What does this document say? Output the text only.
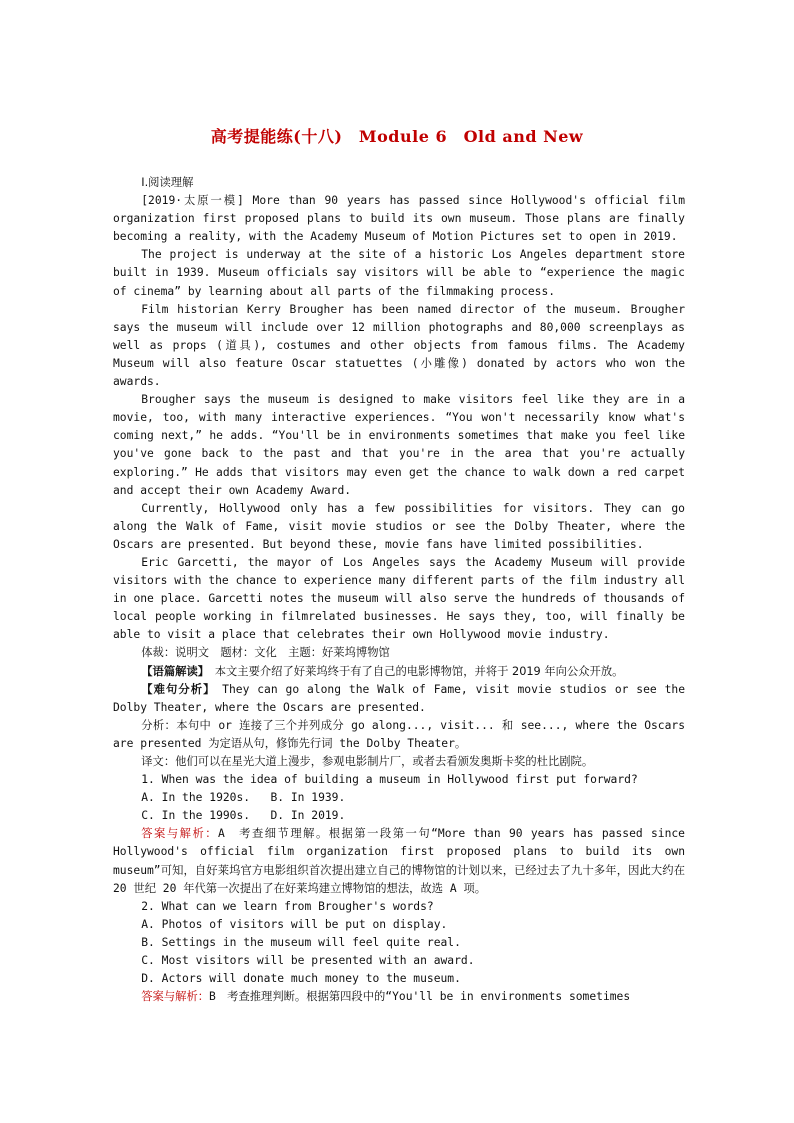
高考提能练(十八)　Module 6　Old and New

Ⅰ.阅读理解

[2019·太原一模] More than 90 years has passed since Hollywood's official film organization first proposed plans to build its own museum. Those plans are finally becoming a reality, with the Academy Museum of Motion Pictures set to open in 2019.

The project is underway at the site of a historic Los Angeles department store built in 1939. Museum officials say visitors will be able to “experience the magic of cinema” by learning about all parts of the filmmaking process.

Film historian Kerry Brougher has been named director of the museum. Brougher says the museum will include over 12 million photographs and 80,000 screenplays as well as props (道具), costumes and other objects from famous films. The Academy Museum will also feature Oscar statuettes (小雕像) donated by actors who won the awards.

Brougher says the museum is designed to make visitors feel like they are in a movie, too, with many interactive experiences. “You won't necessarily know what's coming next,” he adds. “You'll be in environments sometimes that make you feel like you've gone back to the past and that you're in the area that you're actually exploring.” He adds that visitors may even get the chance to walk down a red carpet and accept their own Academy Award.

Currently, Hollywood only has a few possibilities for visitors. They can go along the Walk of Fame, visit movie studios or see the Dolby Theater, where the Oscars are presented. But beyond these, movie fans have limited possibilities.

Eric Garcetti, the mayor of Los Angeles says the Academy Museum will provide visitors with the chance to experience many different parts of the film industry all in one place. Garcetti notes the museum will also serve the hundreds of thousands of local people working in filmrelated businesses. He says they, too, will finally be able to visit a place that celebrates their own Hollywood movie industry.

体裁：说明文　题材：文化　主题：好莱坞博物馆

【语篇解读】　本文主要介绍了好莱坞终于有了自己的电影博物馆，并将于 2019 年向公众开放。

【难句分析】　They can go along the Walk of Fame, visit movie studios or see the Dolby Theater, where the Oscars are presented.

分析：本句中 or 连接了三个并列成分 go along..., visit... 和 see..., where the Oscars are presented 为定语从句，修饰先行词 the Dolby Theater。

译文：他们可以在星光大道上漫步，参观电影制片厂，或者去看颁发奥斯卡奖的杜比剧院。

1. When was the idea of building a museum in Hollywood first put forward?

A. In the 1920s.   B. In 1939.

C. In the 1990s.   D. In 2019.

答案与解析：A　考查细节理解。根据第一段第一句“More than 90 years has passed since Hollywood's official film organization first proposed plans to build its own museum”可知，自好莱坞官方电影组织首次提出建立自己的博物馆的计划以来，已经过去了九十多年，因此大约在 20 世纪 20 年代第一次提出了在好莱坞建立博物馆的想法，故选 A 项。

2. What can we learn from Brougher's words?

A. Photos of visitors will be put on display.

B. Settings in the museum will feel quite real.

C. Most visitors will be presented with an award.

D. Actors will donate much money to the museum.

答案与解析：B　考查推理判断。根据第四段中的“You'll be in environments sometimes
